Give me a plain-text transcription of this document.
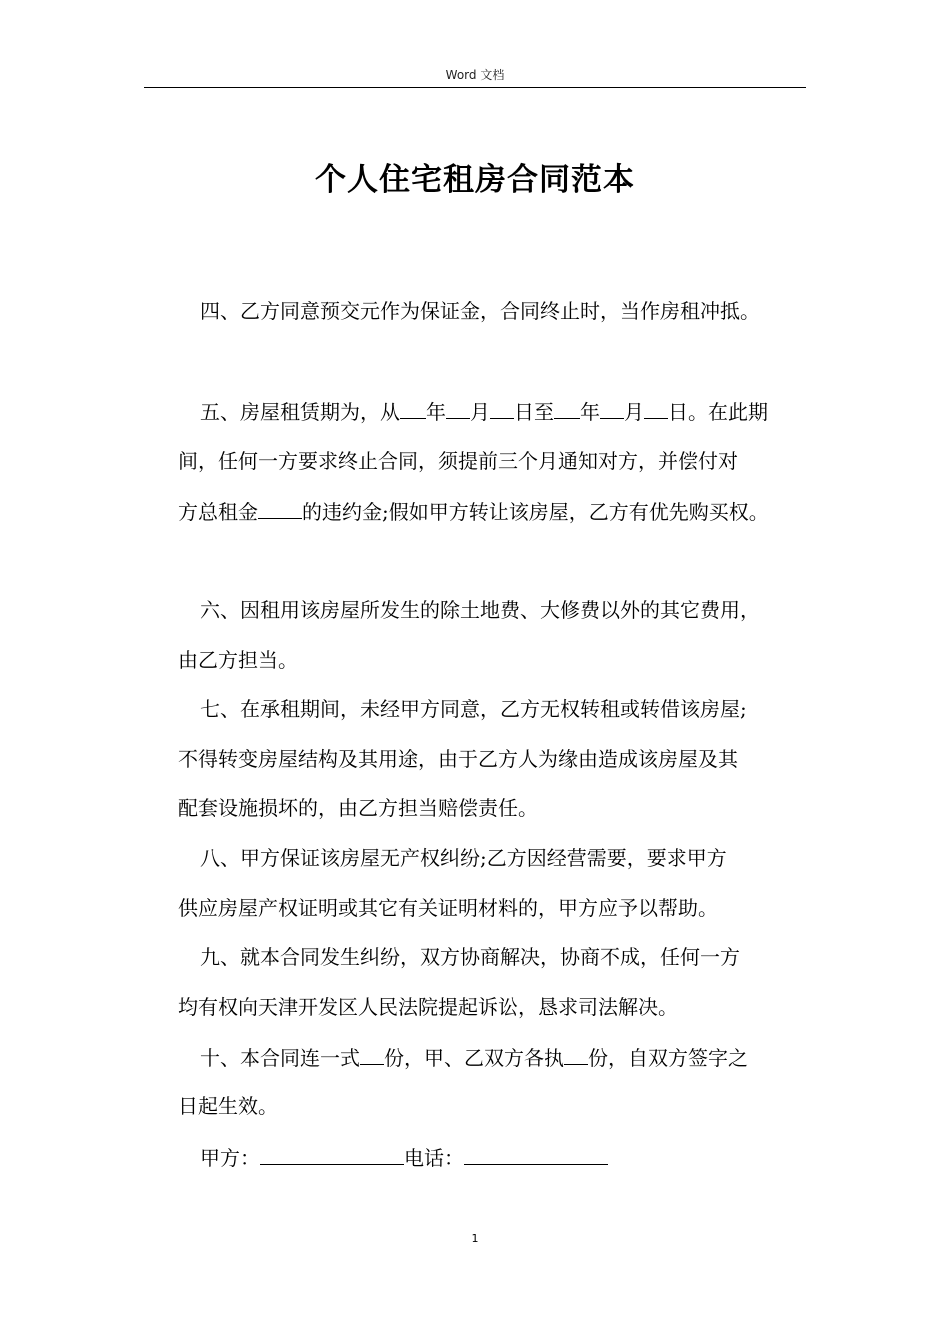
Word 文档
个人住宅租房合同范本
四、乙方同意预交元作为保证金，合同终止时，当作房租冲抵。
五、房屋租赁期为，从 年 月 日至 年 月 日。在此期
间，任何一方要求终止合同，须提前三个月通知对方，并偿付对
方总租金 的违约金;假如甲方转让该房屋，乙方有优先购买权。
六、因租用该房屋所发生的除土地费、大修费以外的其它费用，
由乙方担当。
七、在承租期间，未经甲方同意，乙方无权转租或转借该房屋;
不得转变房屋结构及其用途，由于乙方人为缘由造成该房屋及其
配套设施损坏的，由乙方担当赔偿责任。
八、甲方保证该房屋无产权纠纷;乙方因经营需要，要求甲方
供应房屋产权证明或其它有关证明材料的，甲方应予以帮助。
九、就本合同发生纠纷，双方协商解决，协商不成，任何一方
均有权向天津开发区人民法院提起诉讼，恳求司法解决。
十、本合同连一式 份，甲、乙双方各执 份，自双方签字之
日起生效。
甲方：	电话：
1
